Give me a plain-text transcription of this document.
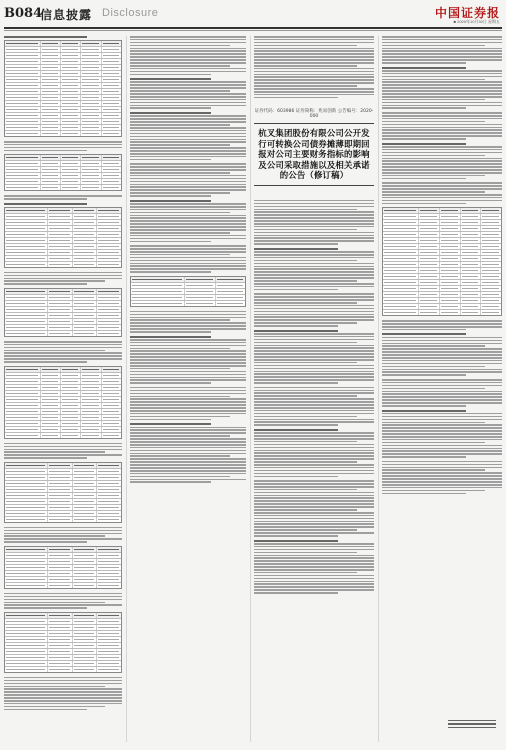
B084
信息披露 Disclosure	中国证券报
■ 2020年10月30日 星期五
证券代码：603986 证券简称：兆易创新 公告编号：2020-000
杭叉集团股份有限公司公开发行可转换公司债券摊薄即期回报对公司主要财务指标的影响及公司采取措施以及相关承诺的公告（修订稿）
